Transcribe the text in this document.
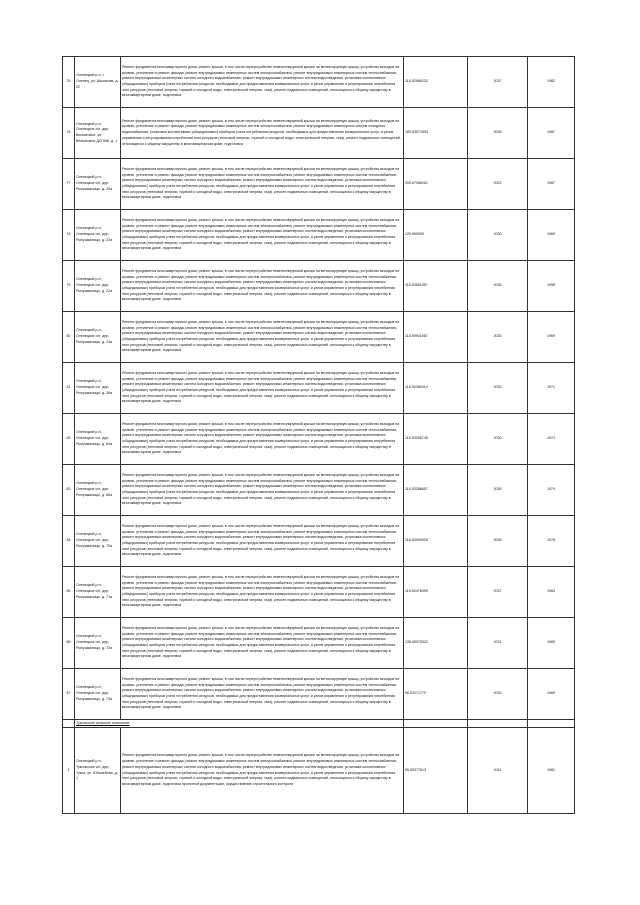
76	Оленецкий р-н, г. Оленец, ул. Школьная, д. 22	Ремонт фундамента многоквартирного дома, ремонт крыши, в том числе переустройство невентилируемой крыши на вентилируемую крышу, устройство выходов на кровлю, утепление и ремонт фасада, ремонт внутридомовых инженерных систем электроснабжения, ремонт внутридомовых инженерных систем теплоснабжения, ремонт внутридомовых инженерных систем холодного водоснабжения, ремонт внутридомовых инженерных систем водоотведения, установка коллективных (общедомовых) приборов учета потребления ресурсов, необходимых для предоставления коммунальных услуг, и узлов управления и регулирования потребления этих ресурсов (тепловой энергии, горячей и холодной воды, электрической энергии, газа), ремонт подвальных помещений, относящихся к общему имуществу в многоквартирном доме, подготовка	115.52986223	2037	1982
76	Оленецкий р-н, Оленецкое с/п, дер. Велкатовье, ул. Велкатовье,ДСПМК, д. 1	Ремонт фундамента многоквартирного дома, ремонт крыши, в том числе переустройство невентилируемой крыши на вентилируемую крышу, устройство выходов на кровлю, утепление и ремонт фасада, ремонт внутридомовых инженерных систем электроснабжения, ремонт внутридомовых инженерных систем холодного водоснабжения, установка коллективных (общедомовых) приборов учета потребления ресурсов, необходимых для предоставления коммунальных услуг, и узлов управления и регулирования потребления этих ресурсов (тепловой энергии, горячей и холодной воды, электрической энергии, газа), ремонт подвальных помещений, относящихся к общему имуществу в многоквартирном доме, подготовка	185.53071653	2036	1987
77	Оленецкий р-н, Оленецкое с/п, дер. Рыпушкалицы, д. 20а	Ремонт фундамента многоквартирного дома, ремонт крыши, в том числе переустройство невентилируемой крыши на вентилируемую крышу, устройство выходов на кровлю, утепление и ремонт фасада, ремонт внутридомовых инженерных систем электроснабжения, ремонт внутридомовых инженерных систем теплоснабжения, ремонт внутридомовых инженерных систем холодного водоснабжения, ремонт внутридомовых инженерных систем водоотведения, установка коллективных (общедомовых) приборов учета потребления ресурсов, необходимых для предоставления коммунальных услуг, и узлов управления и регулирования потребления этих ресурсов (тепловой энергии, горячей и холодной воды, электрической энергии, газа), ремонт подвальных помещений, относящихся к общему имуществу в многоквартирном доме, подготовка	205.67068261	2023	1987
78	Оленецкий р-н, Оленецкое с/п, дер. Рыпушкалицы, д. 22а	Ремонт фундамента многоквартирного дома, ремонт крыши, в том числе переустройство невентилируемой крыши на вентилируемую крышу, устройство выходов на кровлю, утепление и ремонт фасада, ремонт внутридомовых инженерных систем электроснабжения, ремонт внутридомовых инженерных систем теплоснабжения, ремонт внутридомовых инженерных систем холодного водоснабжения, ремонт внутридомовых инженерных систем водоотведения, установка коллективных (общедомовых) приборов учета потребления ресурсов, необходимых для предоставления коммунальных услуг, и узлов управления и регулирования потребления этих ресурсов (тепловой энергии, горячей и холодной воды, электрической энергии, газа), ремонт подвальных помещений, относящихся к общему имуществу в многоквартирном доме, подготовка	125.969905	2030	1969
79	Оленецкий р-н, Оленецкое с/п, дер. Рыпушкалицы, д. 22а	Ремонт фундамента многоквартирного дома, ремонт крыши, в том числе переустройство невентилируемой крыши на вентилируемую крышу, устройство выходов на кровлю, утепление и ремонт фасада, ремонт внутридомовых инженерных систем электроснабжения, ремонт внутридомовых инженерных систем теплоснабжения, ремонт внутридомовых инженерных систем холодного водоснабжения, ремонт внутридомовых инженерных систем водоотведения, установка коллективных (общедомовых) приборов учета потребления ресурсов, необходимых для предоставления коммунальных услуг, и узлов управления и регулирования потребления этих ресурсов (тепловой энергии, горячей и холодной воды, электрической энергии, газа), ремонт подвальных помещений, относящихся к общему имуществу в многоквартирном доме, подготовка	116.53681557	2035	1958
80	Оленецкий р-н, Оленецкое с/п, дер. Рыпушкалицы, д. 24а	Ремонт фундамента многоквартирного дома, ремонт крыши, в том числе переустройство невентилируемой крыши на вентилируемую крышу, устройство выходов на кровлю, утепление и ремонт фасада, ремонт внутридомовых инженерных систем электроснабжения, ремонт внутридомовых инженерных систем теплоснабжения, ремонт внутридомовых инженерных систем холодного водоснабжения, ремонт внутридомовых инженерных систем водоотведения, установка коллективных (общедомовых) приборов учета потребления ресурсов, необходимых для предоставления коммунальных услуг, и узлов управления и регулирования потребления этих ресурсов (тепловой энергии, горячей и холодной воды, электрической энергии, газа), ремонт подвальных помещений, относящихся к общему имуществу в многоквартирном доме, подготовка	115.59901667	2035	1969
81	Оленецкий р-н, Оленецкое с/п, дер. Рыпушкалицы, д. 26а	Ремонт фундамента многоквартирного дома, ремонт крыши, в том числе переустройство невентилируемой крыши на вентилируемую крышу, устройство выходов на кровлю, утепление и ремонт фасада, ремонт внутридомовых инженерных систем электроснабжения, ремонт внутридомовых инженерных систем теплоснабжения, ремонт внутридомовых инженерных систем холодного водоснабжения, ремонт внутридомовых инженерных систем водоотведения, установка коллективных (общедомовых) приборов учета потребления ресурсов, необходимых для предоставления коммунальных услуг, и узлов управления и регулирования потребления этих ресурсов (тепловой энергии, горячей и холодной воды, электрической энергии, газа), ремонт подвальных помещений, относящихся к общему имуществу в многоквартирном доме, подготовка	115.52489414	2033	1971
82	Оленецкий р-н, Оленецкое с/п, дер. Рыпушкалицы, д. 64а	Ремонт фундамента многоквартирного дома, ремонт крыши, в том числе переустройство невентилируемой крыши на вентилируемую крышу, устройство выходов на кровлю, утепление и ремонт фасада, ремонт внутридомовых инженерных систем электроснабжения, ремонт внутридомовых инженерных систем теплоснабжения, ремонт внутридомовых инженерных систем холодного водоснабжения, ремонт внутридомовых инженерных систем водоотведения, установка коллективных (общедомовых) приборов учета потребления ресурсов, необходимых для предоставления коммунальных услуг, и узлов управления и регулирования потребления этих ресурсов (тепловой энергии, горячей и холодной воды, электрической энергии, газа), ремонт подвальных помещений, относящихся к общему имуществу в многоквартирном доме, подготовка	115.53296745	2030	1974
83	Оленецкий р-н, Оленецкое с/п, дер. Рыпушкалицы, д. 66а	Ремонт фундамента многоквартирного дома, ремонт крыши, в том числе переустройство невентилируемой крыши на вентилируемую крышу, устройство выходов на кровлю, утепление и ремонт фасада, ремонт внутридомовых инженерных систем электроснабжения, ремонт внутридомовых инженерных систем теплоснабжения, ремонт внутридомовых инженерных систем холодного водоснабжения, ремонт внутридомовых инженерных систем водоотведения, установка коллективных (общедомовых) приборов учета потребления ресурсов, необходимых для предоставления коммунальных услуг, и узлов управления и регулирования потребления этих ресурсов (тепловой энергии, горячей и холодной воды, электрической энергии, газа), ремонт подвальных помещений, относящихся к общему имуществу в многоквартирном доме, подготовка	115.53286657	2035	1974
84	Оленецкий р-н, Оленецкое с/п, дер. Рыпушкалицы, д. 70а	Ремонт фундамента многоквартирного дома, ремонт крыши, в том числе переустройство невентилируемой крыши на вентилируемую крышу, устройство выходов на кровлю, утепление и ремонт фасада, ремонт внутридомовых инженерных систем электроснабжения, ремонт внутридомовых инженерных систем теплоснабжения, ремонт внутридомовых инженерных систем холодного водоснабжения, ремонт внутридомовых инженерных систем водоотведения, установка коллективных (общедомовых) приборов учета потребления ресурсов, необходимых для предоставления коммунальных услуг, и узлов управления и регулирования потребления этих ресурсов (тепловой энергии, горячей и холодной воды, электрической энергии, газа), ремонт подвальных помещений, относящихся к общему имуществу в многоквартирном доме, подготовка	116.53094926	2036	1976
85	Оленецкий р-н, Оленецкое с/п, дер. Рыпушкалицы, д. 71а	Ремонт фундамента многоквартирного дома, ремонт крыши, в том числе переустройство невентилируемой крыши на вентилируемую крышу, устройство выходов на кровлю, утепление и ремонт фасада, ремонт внутридомовых инженерных систем электроснабжения, ремонт внутридомовых инженерных систем теплоснабжения, ремонт внутридомовых инженерных систем холодного водоснабжения, ремонт внутридомовых инженерных систем водоотведения, установка коллективных (общедомовых) приборов учета потребления ресурсов, необходимых для предоставления коммунальных услуг, и узлов управления и регулирования потребления этих ресурсов (тепловой энергии, горячей и холодной воды, электрической энергии, газа), ремонт подвальных помещений, относящихся к общему имуществу в многоквартирном доме, подготовка	115.52476995	2037	1984
86	Оленецкий р-н, Оленецкое с/п, дер. Рыпушкалицы, д. 72а	Ремонт фундамента многоквартирного дома, ремонт крыши, в том числе переустройство невентилируемой крыши на вентилируемую крышу, устройство выходов на кровлю, утепление и ремонт фасада, ремонт внутридомовых инженерных систем электроснабжения, ремонт внутридомовых инженерных систем теплоснабжения, ремонт внутридомовых инженерных систем холодного водоснабжения, ремонт внутридомовых инженерных систем водоотведения, установка коллективных (общедомовых) приборов учета потребления ресурсов, необходимых для предоставления коммунальных услуг, и узлов управления и регулирования потребления этих ресурсов (тепловой энергии, горячей и холодной воды, электрической энергии, газа), ремонт подвальных помещений, относящихся к общему имуществу в многоквартирном доме, подготовка	135.55975322	2031	1985
87	Оленецкий р-н, Оленецкое с/п, дер. Рыпушкалицы, д. 73а	Ремонт фундамента многоквартирного дома, ремонт крыши, в том числе переустройство невентилируемой крыши на вентилируемую крышу, устройство выходов на кровлю, утепление и ремонт фасада, ремонт внутридомовых инженерных систем электроснабжения, ремонт внутридомовых инженерных систем теплоснабжения, ремонт внутридомовых инженерных систем холодного водоснабжения, ремонт внутридомовых инженерных систем водоотведения, установка коллективных (общедомовых) приборов учета потребления ресурсов, необходимых для предоставления коммунальных услуг, и узлов управления и регулирования потребления этих ресурсов (тепловой энергии, горячей и холодной воды, электрической энергии, газа), ремонт подвальных помещений, относящихся к общему имуществу в многоквартирном доме, подготовка	96.53271770	2032	1989
	Тукольское сельское поселение				
1	Оленецкий р-н, Тукольское с/п, дер. Тукса, ул. Юбилейная, д. 1	Ремонт фундамента многоквартирного дома, ремонт крыши, в том числе переустройство невентилируемой крыши на вентилируемую крышу, устройство выходов на кровлю, утепление и ремонт фасада, ремонт внутридомовых инженерных систем электроснабжения, ремонт внутридомовых инженерных систем теплоснабжения, ремонт внутридомовых инженерных систем холодного водоснабжения, ремонт внутридомовых инженерных систем водоотведения, установка коллективных (общедомовых) приборов учета потребления ресурсов, необходимых для предоставления коммунальных услуг, и узлов управления и регулирования потребления этих ресурсов (тепловой энергии, горячей и холодной воды, электрической энергии, газа), ремонт подвальных помещений, относящихся к общему имуществу в многоквартирном доме, подготовка проектной документации, осуществление строительного контроля	95.5037761З	2041	1981
